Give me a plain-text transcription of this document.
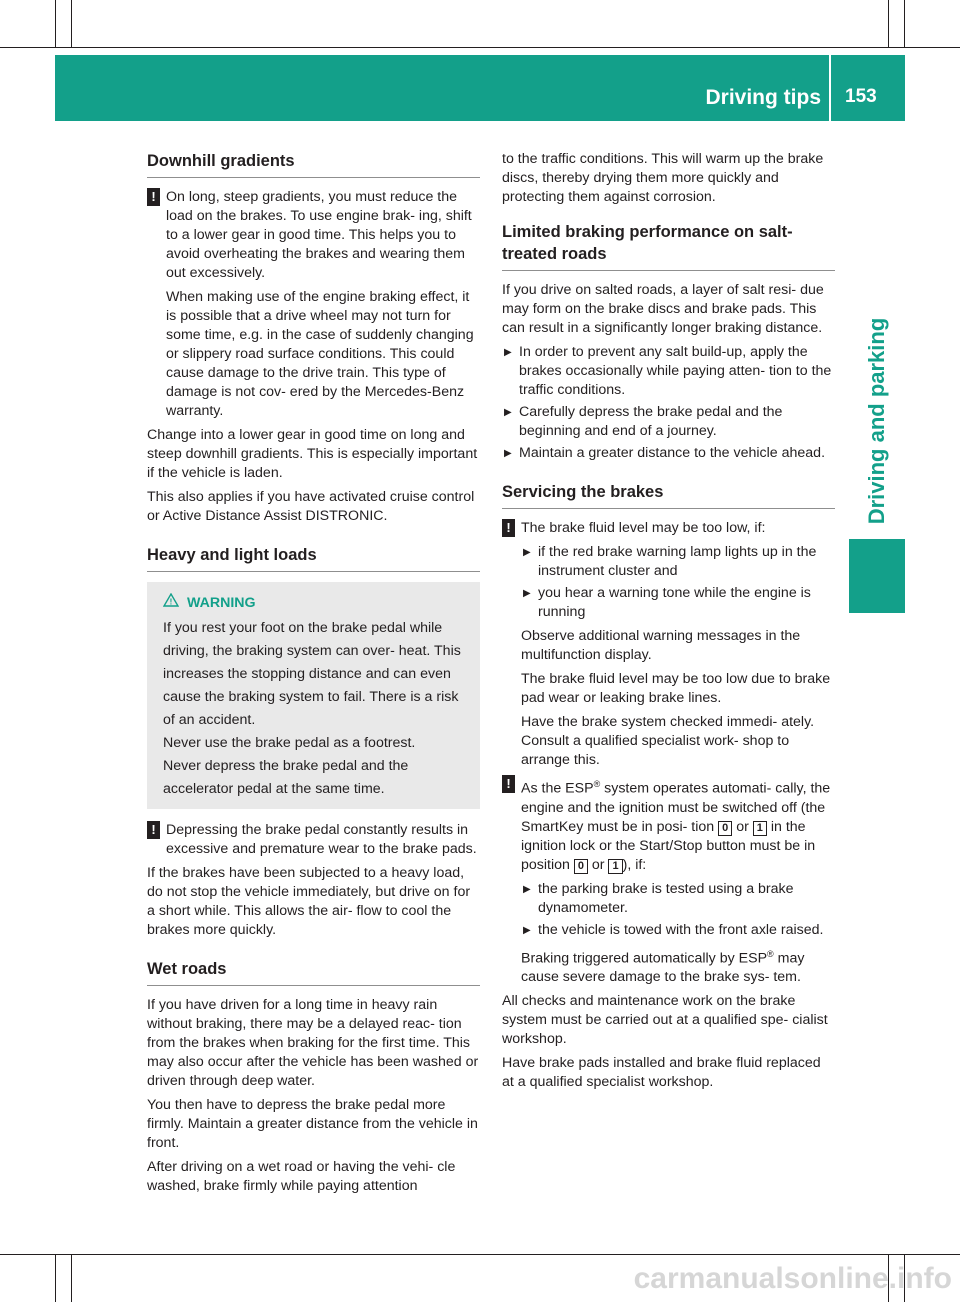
Driving tips 153
Driving and parking
Downhill gradients
! On long, steep gradients, you must reduce the load on the brakes. To use engine brak- ing, shift to a lower gear in good time. This helps you to avoid overheating the brakes and wearing them out excessively.

When making use of the engine braking effect, it is possible that a drive wheel may not turn for some time, e.g. in the case of suddenly changing or slippery road surface conditions. This could cause damage to the drive train. This type of damage is not cov- ered by the Mercedes-Benz warranty.

Change into a lower gear in good time on long and steep downhill gradients. This is especially important if the vehicle is laden.

This also applies if you have activated cruise control or Active Distance Assist DISTRONIC.

Heavy and light loads
! WARNING
If you rest your foot on the brake pedal while driving, the braking system can over- heat. This increases the stopping distance and can even cause the braking system to fail. There is a risk of an accident.
Never use the brake pedal as a footrest.
Never depress the brake pedal and the accelerator pedal at the same time.
! Depressing the brake pedal constantly results in excessive and premature wear to the brake pads.

If the brakes have been subjected to a heavy load, do not stop the vehicle immediately, but drive on for a short while. This allows the air- flow to cool the brakes more quickly.

Wet roads

If you have driven for a long time in heavy rain without braking, there may be a delayed reac- tion from the brakes when braking for the first time. This may also occur after the vehicle has been washed or driven through deep water.

You then have to depress the brake pedal more firmly. Maintain a greater distance from the vehicle in front.

After driving on a wet road or having the vehi- cle washed, brake firmly while paying attention

to the traffic conditions. This will warm up the brake discs, thereby drying them more quickly and protecting them against corrosion.

Limited braking performance on salt- treated roads

If you drive on salted roads, a layer of salt resi- due may form on the brake discs and brake pads. This can result in a significantly longer braking distance.

▶ In order to prevent any salt build-up, apply the brakes occasionally while paying atten- tion to the traffic conditions.
▶ Carefully depress the brake pedal and the beginning and end of a journey.
▶ Maintain a greater distance to the vehicle ahead.
Servicing the brakes
! The brake fluid level may be too low, if:

▶ if the red brake warning lamp lights up in the instrument cluster and
▶ you hear a warning tone while the engine is running

Observe additional warning messages in the multifunction display.

The brake fluid level may be too low due to brake pad wear or leaking brake lines.

Have the brake system checked immedi- ately. Consult a qualified specialist work- shop to arrange this.

! As the ESP® system operates automati- cally, the engine and the ignition must be switched off (the SmartKey must be in posi- tion 0 or 1 in the ignition lock or the Start/Stop button must be in position 0 or 1 ), if:

▶ the parking brake is tested using a brake dynamometer.
▶ the vehicle is towed with the front axle raised.

Braking triggered automatically by ESP® may cause severe damage to the brake sys- tem.

All checks and maintenance work on the brake system must be carried out at a qualified spe- cialist workshop.

Have brake pads installed and brake fluid replaced at a qualified specialist workshop.

carmanualsonline.info
